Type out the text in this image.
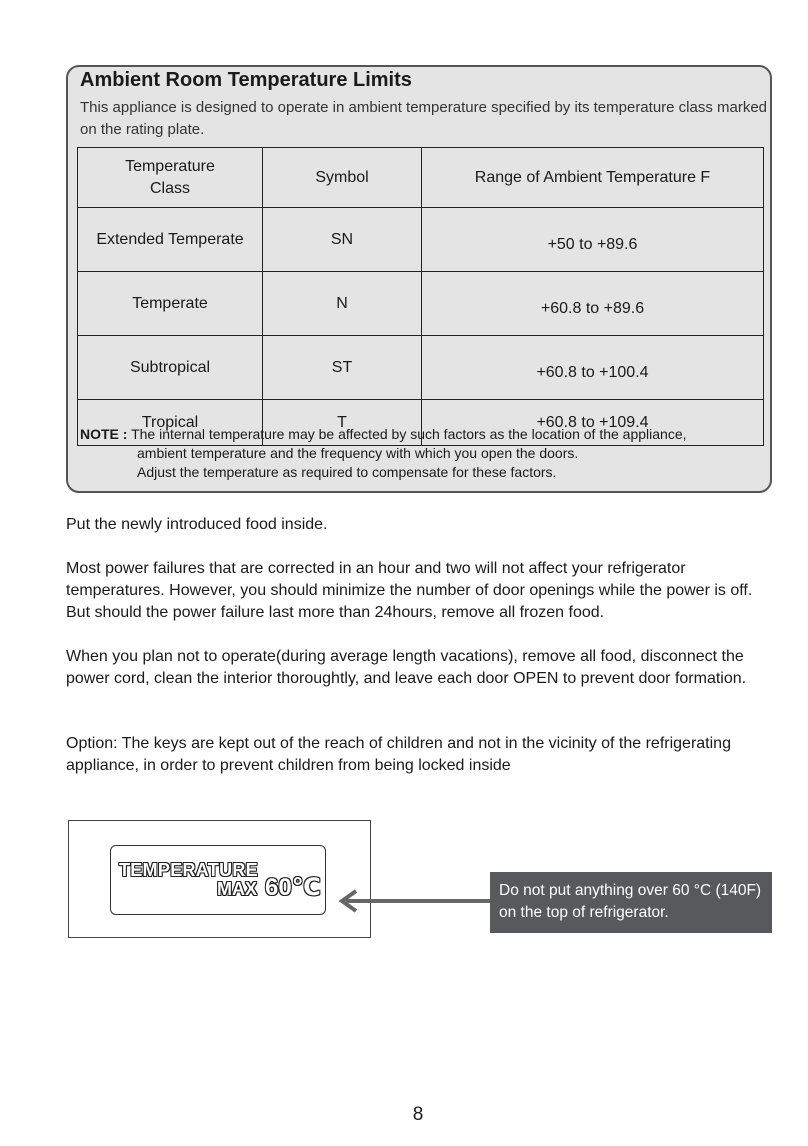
Ambient Room Temperature Limits

This appliance is designed to operate in ambient temperature specified by its temperature class marked on the rating plate.

Temperature Class	Symbol	Range of Ambient Temperature F
Extended Temperate	SN	+50 to +89.6
Temperate	N	+60.8 to +89.6
Subtropical	ST	+60.8 to +100.4
Tropical	T	+60.8 to +109.4
NOTE : The internal temperature may be affected by such factors as the location of the appliance,
ambient temperature and the frequency with which you open the doors.
Adjust the temperature as required to compensate for these factors.

Put the newly introduced food inside.

Most power failures that are corrected in an hour and two will not affect your refrigerator temperatures. However, you should minimize the number of door openings while the power is off. But should the power failure last more than 24hours, remove all frozen food.

When you plan not to operate(during average length vacations), remove all food, disconnect the power cord, clean the interior thoroughtly, and leave each door OPEN to prevent door formation.

Option: The keys are kept out of the reach of children and not in the vicinity of the refrigerating appliance, in order to prevent children from being locked inside

TEMPERATURE
MAX 60℃	Do not put anything over 60 °C (140F) on the top of refrigerator.
8
